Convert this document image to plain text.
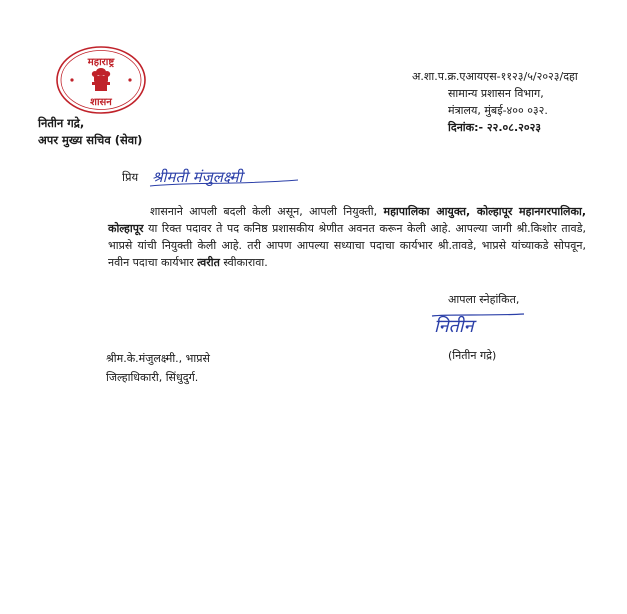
महाराष्ट्र
शासन
नितीन गद्रे,
अपर मुख्य सचिव (सेवा)
अ.शा.प.क्र.एआयएस-११२३/५/२०२३/दहा
सामान्य प्रशासन विभाग,
मंत्रालय, मुंबई-४०० ०३२.
दिनांक:- २२.०८.२०२३
प्रिय श्रीमती मंजुलक्ष्मी
शासनाने आपली बदली केली असून, आपली नियुक्ती, महापालिका आयुक्त, कोल्हापूर महानगरपालिका, कोल्हापूर या रिक्त पदावर ते पद कनिष्ठ प्रशासकीय श्रेणीत अवनत करून केली आहे. आपल्या जागी श्री.किशोर तावडे, भाप्रसे यांची नियुक्ती केली आहे. तरी आपण आपल्या सध्याचा पदाचा कार्यभार श्री.तावडे, भाप्रसे यांच्याकडे सोपवून, नवीन पदाचा कार्यभार त्वरीत स्वीकारावा.
आपला स्नेहांकित,
नितीन
(नितीन गद्रे)
श्रीम.के.मंजुलक्ष्मी., भाप्रसे
जिल्हाधिकारी, सिंधुदुर्ग.
